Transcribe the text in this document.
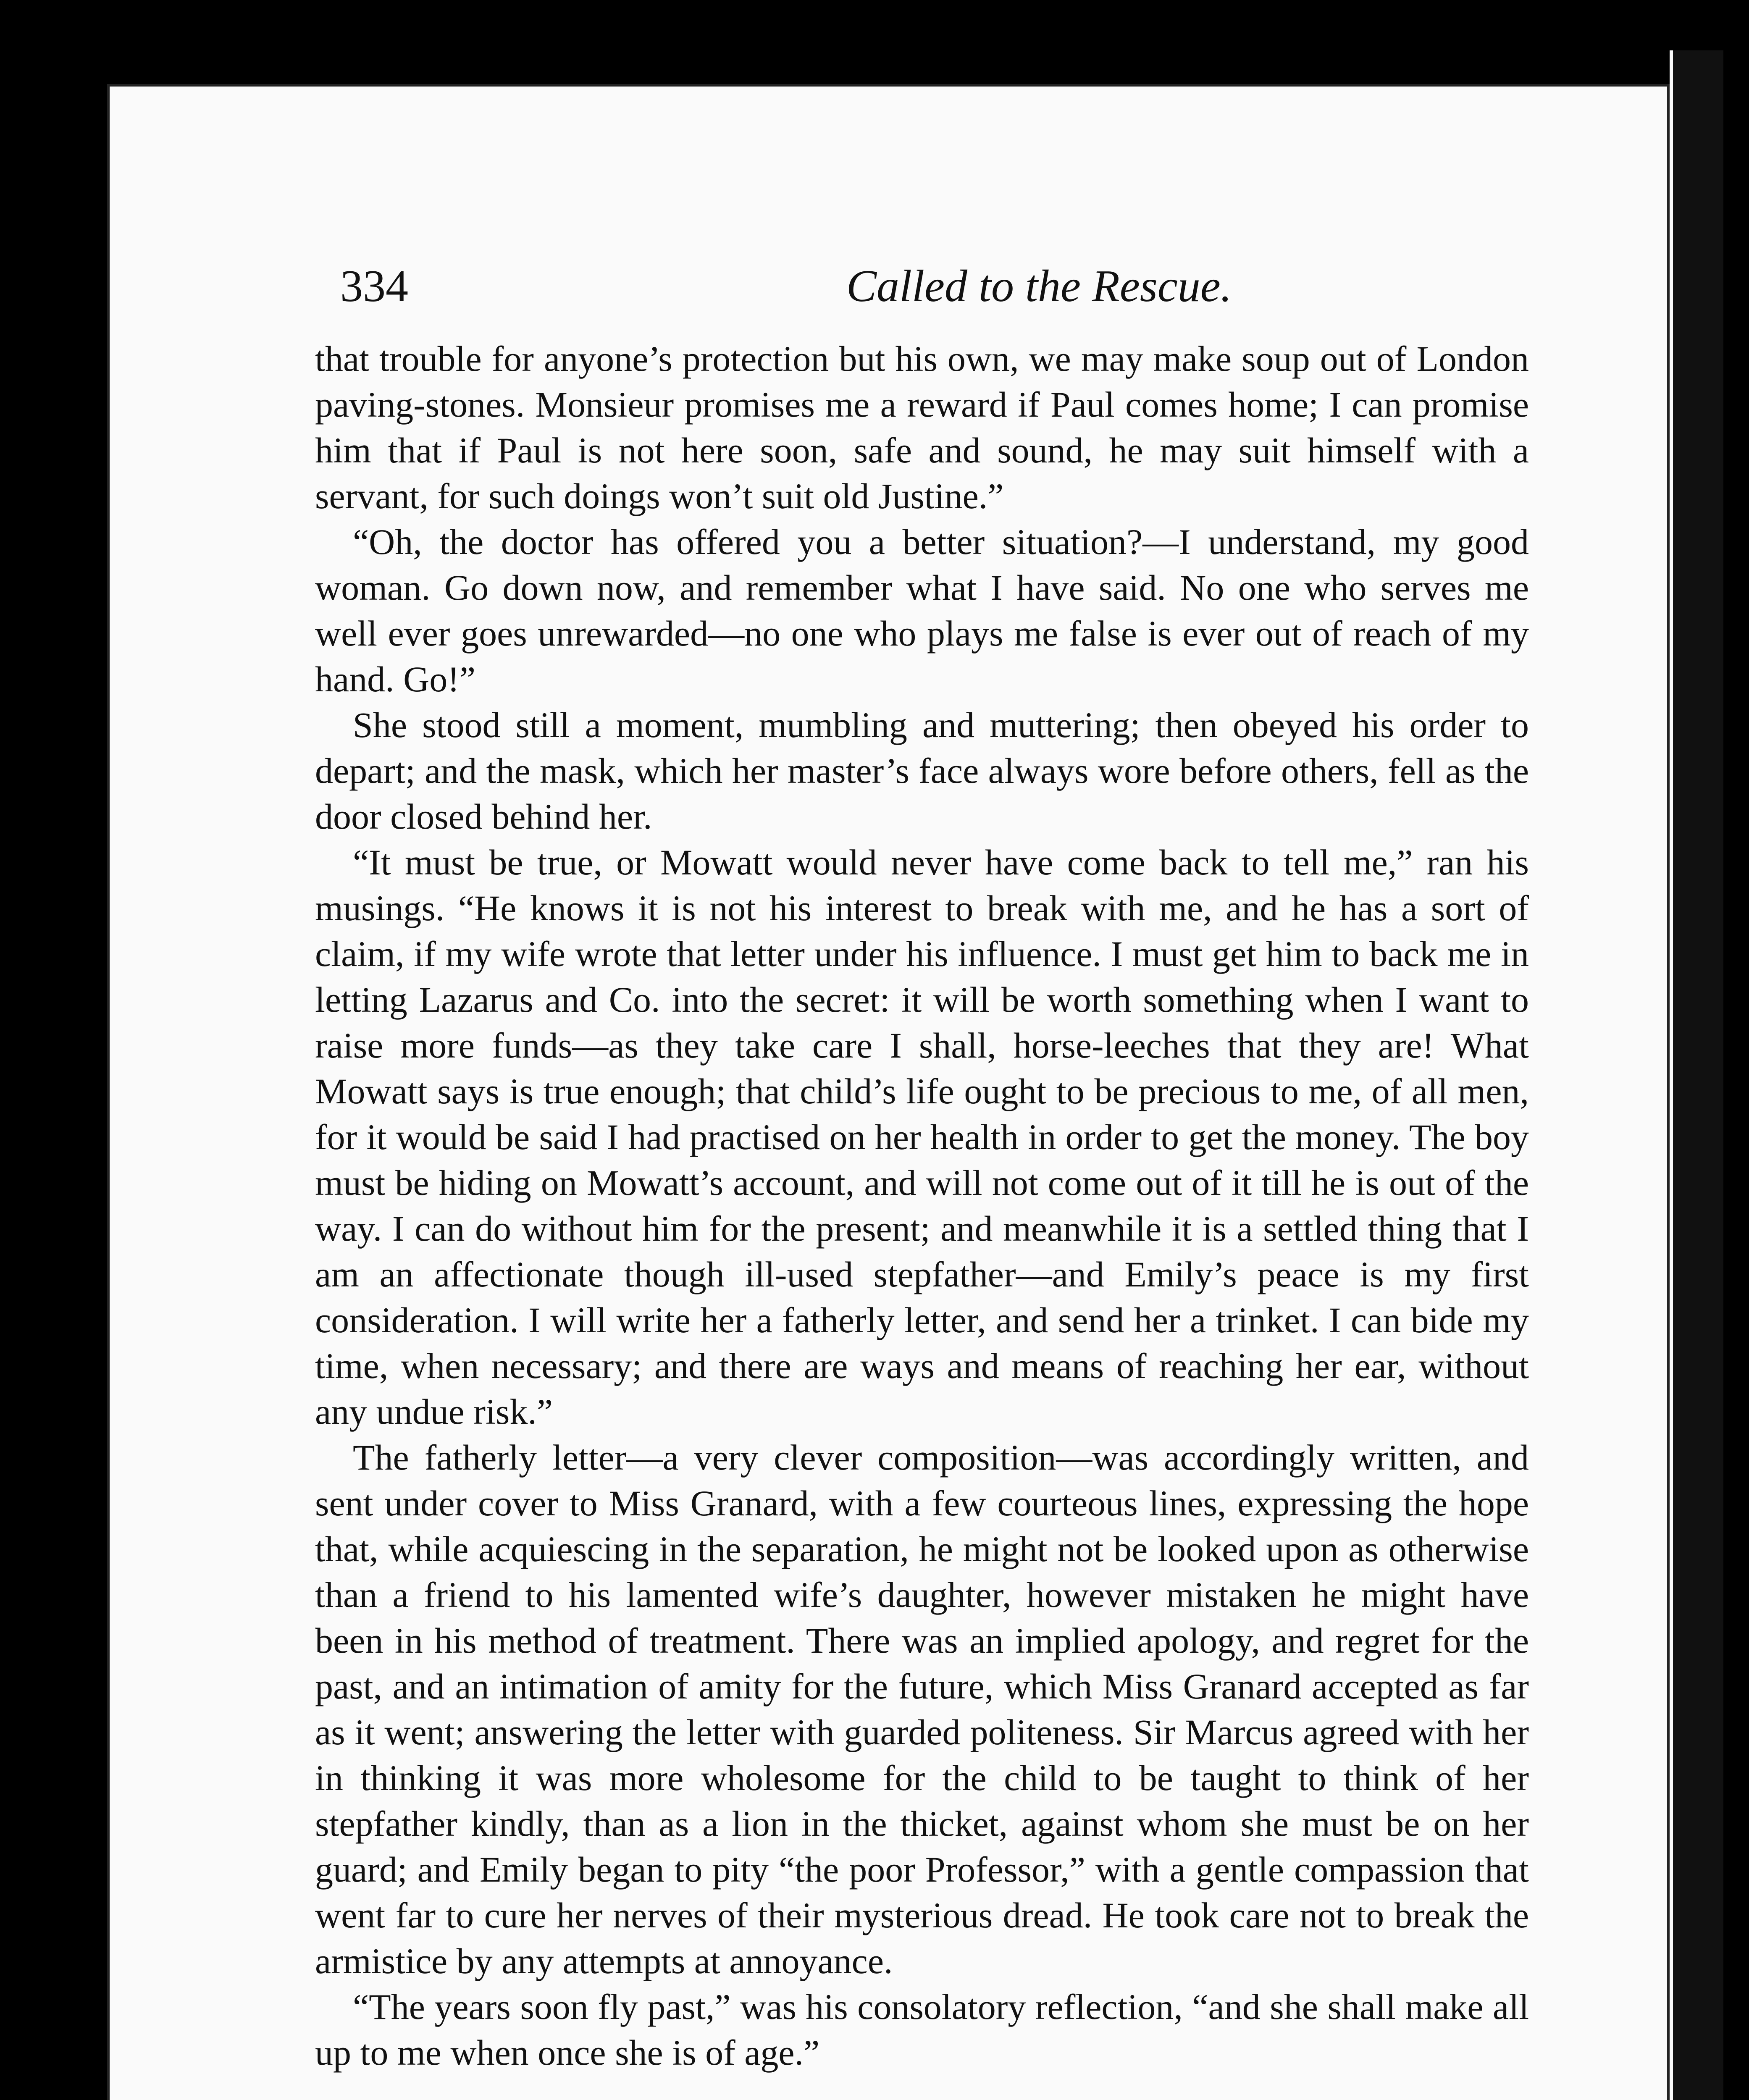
334	Called to the Rescue.

that trouble for anyone’s protection but his own, we may make soup out of London paving-stones. Monsieur promises me a reward if Paul comes home; I can promise him that if Paul is not here soon, safe and sound, he may suit himself with a servant, for such doings won’t suit old Justine.”

“Oh, the doctor has offered you a better situation?—I understand, my good woman. Go down now, and remember what I have said. No one who serves me well ever goes unrewarded—no one who plays me false is ever out of reach of my hand. Go!”

She stood still a moment, mumbling and muttering; then obeyed his order to depart; and the mask, which her master’s face always wore before others, fell as the door closed behind her.

“It must be true, or Mowatt would never have come back to tell me,” ran his musings. “He knows it is not his interest to break with me, and he has a sort of claim, if my wife wrote that letter under his influence. I must get him to back me in letting Lazarus and Co. into the secret: it will be worth something when I want to raise more funds—as they take care I shall, horse-leeches that they are! What Mowatt says is true enough; that child’s life ought to be precious to me, of all men, for it would be said I had practised on her health in order to get the money. The boy must be hiding on Mowatt’s account, and will not come out of it till he is out of the way. I can do without him for the present; and meanwhile it is a settled thing that I am an affectionate though ill-used stepfather—and Emily’s peace is my first consideration. I will write her a fatherly letter, and send her a trinket. I can bide my time, when necessary; and there are ways and means of reaching her ear, without any undue risk.”

The fatherly letter—a very clever composition—was accordingly written, and sent under cover to Miss Granard, with a few courteous lines, expressing the hope that, while acquiescing in the separation, he might not be looked upon as otherwise than a friend to his lamented wife’s daughter, however mistaken he might have been in his method of treatment. There was an implied apology, and regret for the past, and an intimation of amity for the future, which Miss Granard accepted as far as it went; answering the letter with guarded politeness. Sir Marcus agreed with her in thinking it was more wholesome for the child to be taught to think of her stepfather kindly, than as a lion in the thicket, against whom she must be on her guard; and Emily began to pity “the poor Professor,” with a gentle compassion that went far to cure her nerves of their mysterious dread. He took care not to break the armistice by any attempts at annoyance.

“The years soon fly past,” was his consolatory reflection, “and she shall make all up to me when once she is of age.”
